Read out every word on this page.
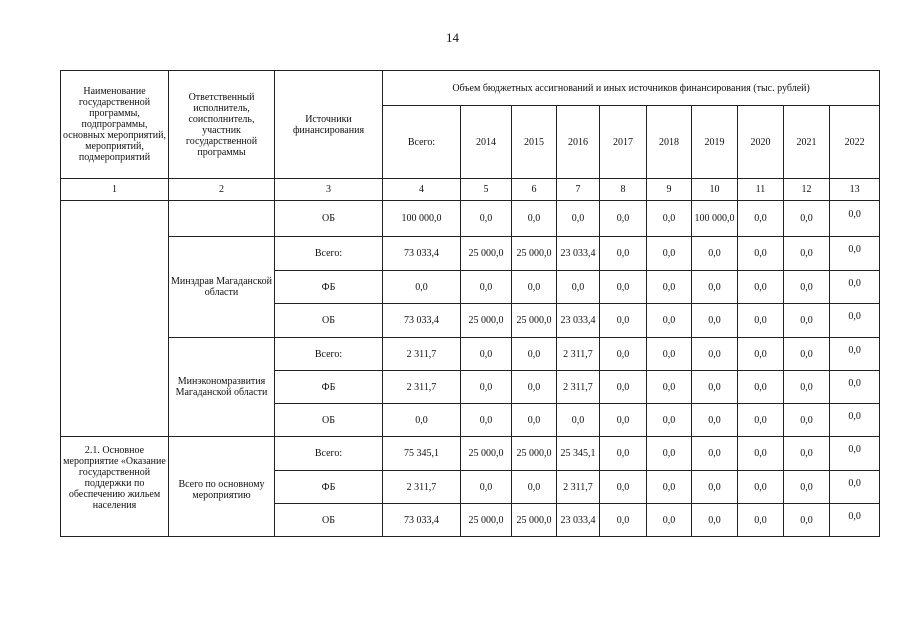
14
Наименование государственной программы, подпрограммы, основных мероприятий, мероприятий, подмероприятий	Ответственный исполнитель, соисполнитель, участник государственной программы	Источники финансирования	Объем бюджетных ассигнований и иных источников финансирования (тыс. рублей)									
			Всего:	2014	2015	2016	2017	2018	2019	2020	2021	2022
1	2	3	4	5	6	7	8	9	10	11	12	13
		ОБ	100 000,0	0,0	0,0	0,0	0,0	0,0	100 000,0	0,0	0,0	0,0
	Минздрав Магаданской области	Всего:	73 033,4	25 000,0	25 000,0	23 033,4	0,0	0,0	0,0	0,0	0,0	0,0
		ФБ	0,0	0,0	0,0	0,0	0,0	0,0	0,0	0,0	0,0	0,0
		ОБ	73 033,4	25 000,0	25 000,0	23 033,4	0,0	0,0	0,0	0,0	0,0	0,0
	Минэкономразвития Магаданской области	Всего:	2 311,7	0,0	0,0	2 311,7	0,0	0,0	0,0	0,0	0,0	0,0
		ФБ	2 311,7	0,0	0,0	2 311,7	0,0	0,0	0,0	0,0	0,0	0,0
		ОБ	0,0	0,0	0,0	0,0	0,0	0,0	0,0	0,0	0,0	0,0
2.1. Основное мероприятие «Оказание государственной поддержки по обеспечению жильем населения	Всего по основному мероприятию	Всего:	75 345,1	25 000,0	25 000,0	25 345,1	0,0	0,0	0,0	0,0	0,0	0,0
		ФБ	2 311,7	0,0	0,0	2 311,7	0,0	0,0	0,0	0,0	0,0	0,0
		ОБ	73 033,4	25 000,0	25 000,0	23 033,4	0,0	0,0	0,0	0,0	0,0	0,0
